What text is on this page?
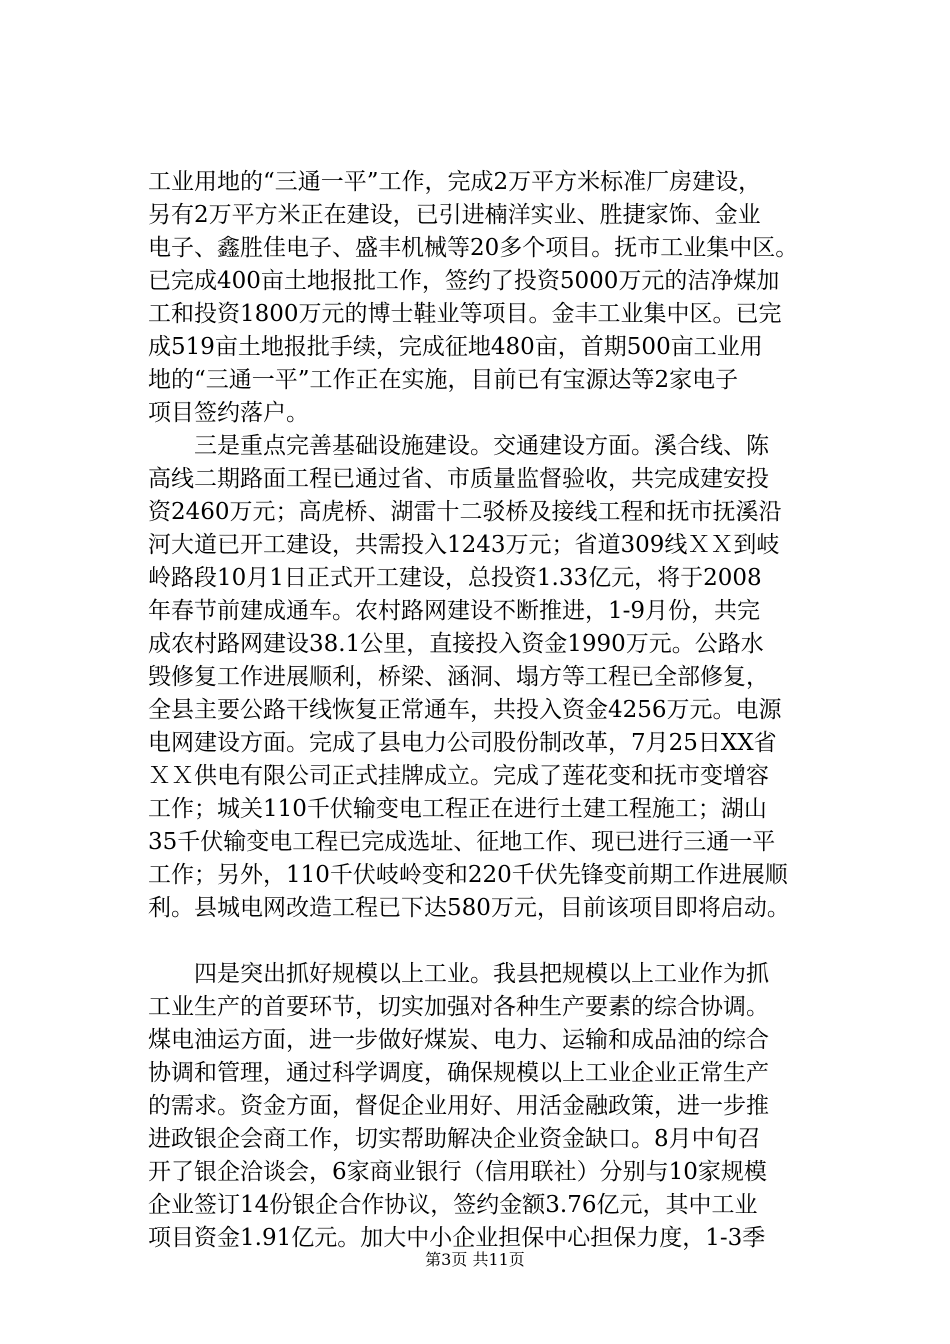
工业用地的“三通一平”工作，完成2万平方米标准厂房建设，
另有2万平方米正在建设，已引进楠洋实业、胜捷家饰、金业
电子、鑫胜佳电子、盛丰机械等20多个项目。抚市工业集中区。
已完成400亩土地报批工作，签约了投资5000万元的洁净煤加
工和投资1800万元的博士鞋业等项目。金丰工业集中区。已完
成519亩土地报批手续，完成征地480亩，首期500亩工业用
地的“三通一平”工作正在实施，目前已有宝源达等2家电子
项目签约落户。
三是重点完善基础设施建设。交通建设方面。溪合线、陈
高线二期路面工程已通过省、市质量监督验收，共完成建安投
资2460万元；高虎桥、湖雷十二驳桥及接线工程和抚市抚溪沿
河大道已开工建设，共需投入1243万元；省道309线ＸＸ到岐
岭路段10月1日正式开工建设，总投资1.33亿元，将于2008
年春节前建成通车。农村路网建设不断推进，1-9月份，共完
成农村路网建设38.1公里，直接投入资金1990万元。公路水
毁修复工作进展顺利，桥梁、涵洞、塌方等工程已全部修复，
全县主要公路干线恢复正常通车，共投入资金4256万元。电源
电网建设方面。完成了县电力公司股份制改革，7月25日XX省
ＸＸ供电有限公司正式挂牌成立。完成了莲花变和抚市变增容
工作；城关110千伏输变电工程正在进行土建工程施工；湖山
35千伏输变电工程已完成选址、征地工作、现已进行三通一平
工作；另外，110千伏岐岭变和220千伏先锋变前期工作进展顺
利。县城电网改造工程已下达580万元，目前该项目即将启动。
四是突出抓好规模以上工业。我县把规模以上工业作为抓
工业生产的首要环节，切实加强对各种生产要素的综合协调。
煤电油运方面，进一步做好煤炭、电力、运输和成品油的综合
协调和管理，通过科学调度，确保规模以上工业企业正常生产
的需求。资金方面，督促企业用好、用活金融政策，进一步推
进政银企会商工作，切实帮助解决企业资金缺口。8月中旬召
开了银企洽谈会，6家商业银行（信用联社）分别与10家规模
企业签订14份银企合作协议，签约金额3.76亿元，其中工业
项目资金1.91亿元。加大中小企业担保中心担保力度，1-3季
第3页 共11页
